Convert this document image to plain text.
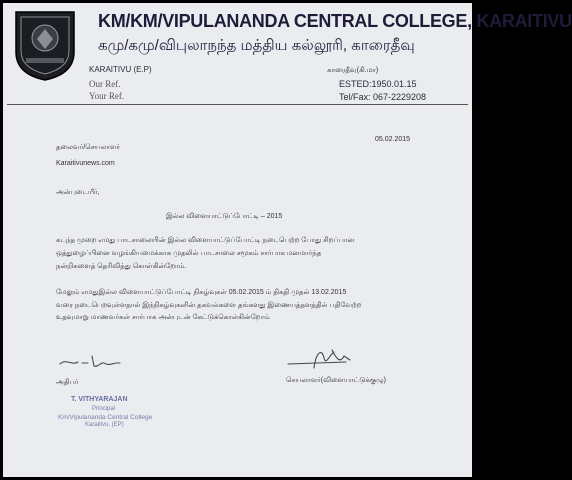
KM/KM/VIPULANANDA CENTRAL COLLEGE, KARAITIVU
கமு/கமு/விபுலாநந்த மத்திய கல்லூரி, காரைதீவு
KARAITIVU (E.P)	காரைதீவு(கி.மா)
ESTED:1950.01.15
Our Ref.
Your Ref.	Tel/Fax: 067-2229208
05.02.2015
தலைவர்/செயலாளர்
Karaitivunews.com
அன்புடையீர்,
இல்ல விளையாட்டுப்போட்டி – 2015
கடந்த முறை எமது பாடசாலையின் இல்ல விளையாட்டுப்போட்டி நடைபெற்ற போது சிறப்பான
ஒத்துழைப்பினை வழங்கியமைக்காக முதலில் பாடசாலை சமூகம் சார்பாக மனமார்ந்த
நன்றிகளைத் தெரிவித்து கொள்கின்றோம்.
மேலும் எமதுஇல்ல விளையாட்டுப்போட்டி நிகழ்வுகள் 05.02.2015 ம் திகதி முதல் 13.02.2015
வரை நடைபெறவுள்ளதால் இந்நிகழ்வுகளின் தகவல்களை தங்களது இணையத்தளத்தில் பதிவேற்ற
உதவுமாறு மாணவர்கள் சார்பாக அன்புடன் கேட்டுக்கொள்கின்றோம்
அதிபர்	செயலாளர்(விளையாட்டுக்குழு)
T. VITHYARAJAN
Principal
Km/Vipulananda Central College
Karaitivu, (EP)
